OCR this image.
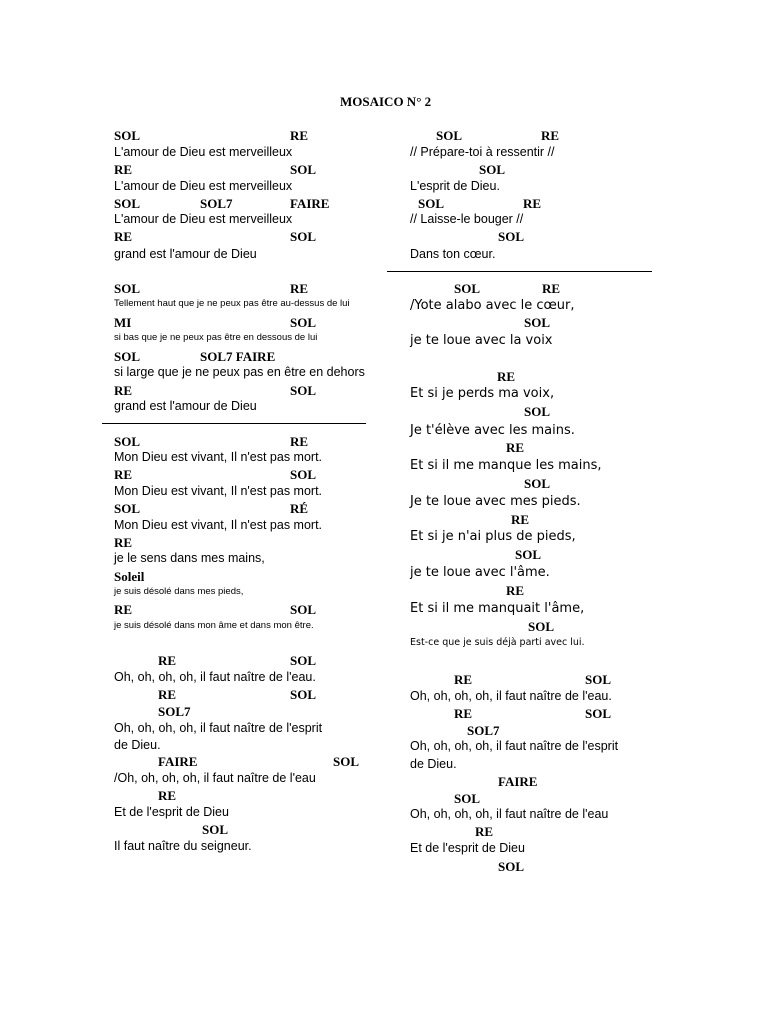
MOSAICO N° 2
SOL	RE
L'amour de Dieu est merveilleux
RE	SOL
L'amour de Dieu est merveilleux
SOL	SOL7	FAIRE
L'amour de Dieu est merveilleux
RE	SOL
grand est l'amour de Dieu
SOL	RE
Tellement haut que je ne peux pas être au-dessus de lui
MI	SOL
si bas que je ne peux pas être en dessous de lui
SOL	SOL7 FAIRE
si large que je ne peux pas en être en dehors
RE	SOL
grand est l'amour de Dieu
SOL	RE
Mon Dieu est vivant, Il n'est pas mort.
RE	SOL
Mon Dieu est vivant, Il n'est pas mort.
SOL	RÉ
Mon Dieu est vivant, Il n'est pas mort.
RE
je le sens dans mes mains,
Soleil
je suis désolé dans mes pieds,
RE	SOL
je suis désolé dans mon âme et dans mon être.
RE	SOL
Oh, oh, oh, oh, il faut naître de l'eau.
RE	SOL
SOL7
Oh, oh, oh, oh, il faut naître de l'esprit
de Dieu.
FAIRE	SOL
/Oh, oh, oh, oh, il faut naître de l'eau
RE
Et de l'esprit de Dieu
SOL
Il faut naître du seigneur.
SOL	RE
// Prépare-toi à ressentir //
SOL
L'esprit de Dieu.
SOL	RE
// Laisse-le bouger //
SOL
Dans ton cœur.
SOL	RE
/Yote alabo avec le cœur,
SOL
je te loue avec la voix
RE
Et si je perds ma voix,
SOL
Je t'élève avec les mains.
RE
Et si il me manque les mains,
SOL
Je te loue avec mes pieds.
RE
Et si je n'ai plus de pieds,
SOL
je te loue avec l'âme.
RE
Et si il me manquait l'âme,
SOL
Est-ce que je suis déjà parti avec lui.
RE	SOL
Oh, oh, oh, oh, il faut naître de l'eau.
RE	SOL
SOL7
Oh, oh, oh, oh, il faut naître de l'esprit
de Dieu.
FAIRE
SOL
Oh, oh, oh, oh, il faut naître de l'eau
RE
Et de l'esprit de Dieu
SOL
